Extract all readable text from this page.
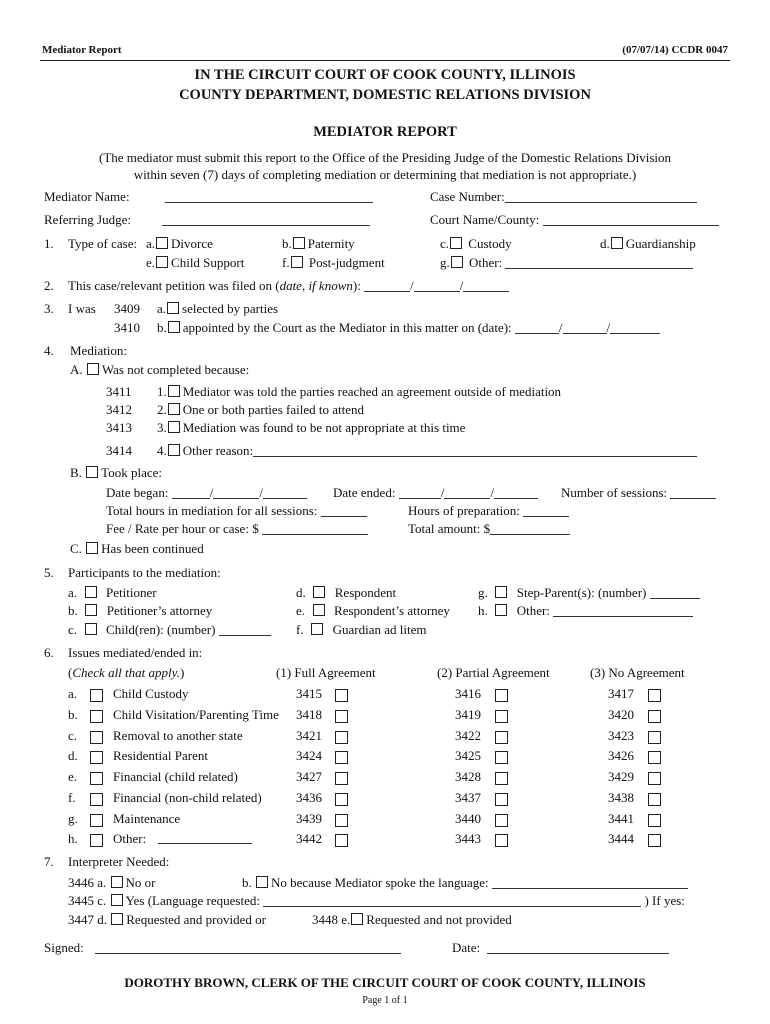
Mediator Report	(07/07/14) CCDR 0047
IN THE CIRCUIT COURT OF COOK COUNTY, ILLINOIS
COUNTY DEPARTMENT, DOMESTIC RELATIONS DIVISION
MEDIATOR REPORT
(The mediator must submit this report to the Office of the Presiding Judge of the Domestic Relations Division
within seven (7) days of completing mediation or determining that mediation is not appropriate.)
Mediator Name:	Case Number:
Referring Judge:	Court Name/County:
1. Type of case: a. Divorce	b. Paternity	c. Custody	d. Guardianship
e. Child Support	f. Post-judgment	g. Other:
2. This case/relevant petition was filed on (date, if known):	/	/
3. I was 3409 a. selected by parties
3410 b. appointed by the Court as the Mediator in this matter on (date):	/	/
4. Mediation:
A. Was not completed because:
3411 1. Mediator was told the parties reached an agreement outside of mediation
3412 2. One or both parties failed to attend
3413 3. Mediation was found to be not appropriate at this time
3414 4. Other reason:
B. Took place:
Date began:	/	/	Date ended:	/	/	Number of sessions:
Total hours in mediation for all sessions:	Hours of preparation:
Fee / Rate per hour or case: $	Total amount: $
C. Has been continued
5. Participants to the mediation:
a. Petitioner
b. Petitioner’s attorney
c. Child(ren): (number)
d. Respondent
e. Respondent’s attorney
f. Guardian ad litem
g. Step-Parent(s): (number)
h. Other:
6. Issues mediated/ended in:
(Check all that apply.)	(1) Full Agreement	(2) Partial Agreement	(3) No Agreement
a.	Child Custody	3415	3416	3417
b.	Child Visitation/Parenting Time 3418	3419	3420
c.	Removal to another state	3421	3422	3423
d.	Residential Parent	3424	3425	3426
e.	Financial (child related)	3427	3428	3429
f.	Financial (non-child related)	3436	3437	3438
g.	Maintenance	3439	3440	3441
h.	Other:	3442	3443	3444
7. Interpreter Needed:
3446 a. No or	b. No because Mediator spoke the language:
3445 c. Yes (Language requested:	) If yes:
3447 d. Requested and provided or	3448 e. Requested and not provided
Signed:	Date:
DOROTHY BROWN, CLERK OF THE CIRCUIT COURT OF COOK COUNTY, ILLINOIS
Page 1 of 1
